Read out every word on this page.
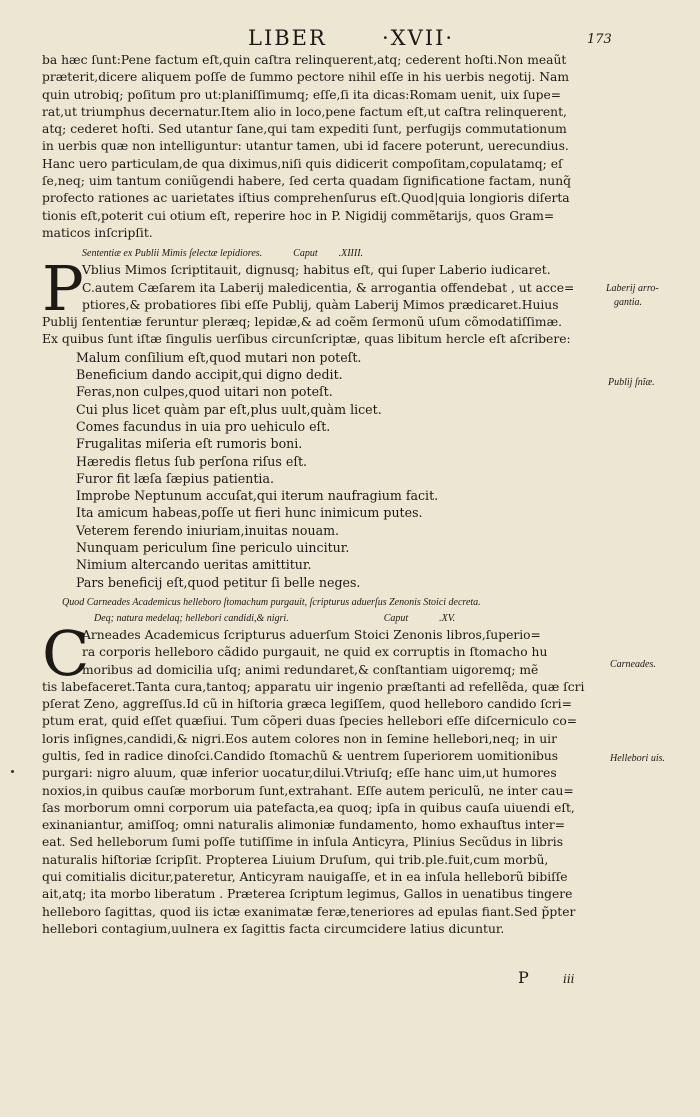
LIBER	·XVII·	173
ba hæc ſunt:Pene factum eſt,quin caſtra relinquerent,atq; cederent hoſti.Non meaũt
præterit,dicere aliquem poſſe de ſummo pectore nihil eſſe in his uerbis negotij. Nam
quin utrobiq; poſitum pro ut:planiſſimumq; eſſe,ſi ita dicas:Romam uenit, uix ſupe=
rat,ut triumphus decernatur.Item alio in loco,pene factum eſt,ut caſtra relinquerent,
atq; cederet hoſti. Sed utantur ſane,qui tam expediti ſunt, perfugijs commutationum
in uerbis quæ non intelliguntur: utantur tamen, ubi id facere poterunt, uerecundius.
Hanc uero particulam,de qua diximus,niſi quis didicerit compoſitam,copulatamq; eſ
ſe,neq; uim tantum coniũgendi habere, ſed certa quadam ſignificatione factam, nunq̃
profecto rationes ac uarietates iſtius comprehenſurus eſt.Quod|quia longioris diſerta
tionis eſt,poterit cui otium eſt, reperire hoc in P. Nigidij commẽtarijs, quos Gram=
maticos inſcripſit.
Sententiæ ex Publii Mimis ſelectæ lepidiores.	Caput .XIIII.
P
Vblius Mimos ſcriptitauit, dignusq; habitus eſt, qui ſuper Laberio iudicaret.
C.autem Cæſarem ita Laberij maledicentia, & arrogantia offendebat , ut acce=
ptiores,& probatiores ſibi eſſe Publij, quàm Laberij Mimos prædicaret.Huius
Publij ſententiæ feruntur pleræq; lepidæ,& ad coẽm ſermonũ uſum cõmodatiſſimæ.
Ex quibus ſunt iſtæ ſingulis uerſibus circunſcriptæ, quas libitum hercle eſt aſcribere:
Malum conſilium eſt,quod mutari non poteſt.
Beneficium dando accipit,qui digno dedit.
Feras,non culpes,quod uitari non poteſt.
Cui plus licet quàm par eſt,plus uult,quàm licet.
Comes facundus in uia pro uehiculo eſt.
Frugalitas miſeria eſt rumoris boni.
Hæredis fletus ſub perſona riſus eſt.
Furor fit læſa ſæpius patientia.
Improbe Neptunum accuſat,qui iterum naufragium facit.
Ita amicum habeas,poſſe ut fieri hunc inimicum putes.
Veterem ferendo iniuriam,inuitas nouam.
Nunquam periculum ſine periculo uincitur.
Nimium altercando ueritas amittitur.
Pars beneficij eſt,quod petitur ſi belle neges.
Quod Carneades Academicus helleboro ſtomachum purgauit, ſcripturus aduerſus Zenonis Stoici decreta.
Deq; natura medelaq; hellebori candidi,& nigri.	Caput	.XV.
C
Arneades Academicus ſcripturus aduerſum Stoici Zenonis libros,ſuperio=
ra corporis helleboro cãdido purgauit, ne quid ex corruptis in ſtomacho hu
moribus ad domicilia uſq; animi redundaret,& conſtantiam uigoremq; mẽ
tis labefaceret.Tanta cura,tantoq; apparatu uir ingenio præſtanti ad refellẽda, quæ ſcri
pſerat Zeno, aggreſſus.Id cũ in hiſtoria græca legiſſem, quod helleboro candido ſcri=
ptum erat, quid eſſet quæſiui. Tum cõperi duas ſpecies hellebori eſſe diſcerniculo co=
loris inſignes,candidi,& nigri.Eos autem colores non in ſemine hellebori,neq; in uir
gultis, ſed in radice dinoſci.Candido ſtomachũ & uentrem ſuperiorem uomitionibus
purgari: nigro aluum, quæ inferior uocatur,dilui.Vtriuſq; eſſe hanc uim,ut humores
noxios,in quibus cauſæ morborum ſunt,extrahant. Eſſe autem periculũ, ne inter cau=
ſas morborum omni corporum uia patefacta,ea quoq; ipſa in quibus cauſa uiuendi eſt,
exinaniantur, amiſſoq; omni naturalis alimoniæ fundamento, homo exhauſtus inter=
eat. Sed helleborum ſumi poſſe tutiſſime in inſula Anticyra, Plinius Secũdus in libris
naturalis hiſtoriæ ſcripſit. Propterea Liuium Druſum, qui trib.ple.fuit,cum morbũ,
qui comitialis dicitur,pateretur, Anticyram nauigaſſe, et in ea inſula helleborũ bibiſſe
ait,atq; ita morbo liberatum . Præterea ſcriptum legimus, Gallos in uenatibus tingere
helleboro ſagittas, quod iis ictæ exanimatæ feræ,teneriores ad epulas fiant.Sed p̃pter
hellebori contagium,uulnera ex ſagittis facta circumcidere latius dicuntur.
Laberij arro-
gantia.
Publij ſnĩæ.
Carneades.
Hellebori uis.
P	iii
